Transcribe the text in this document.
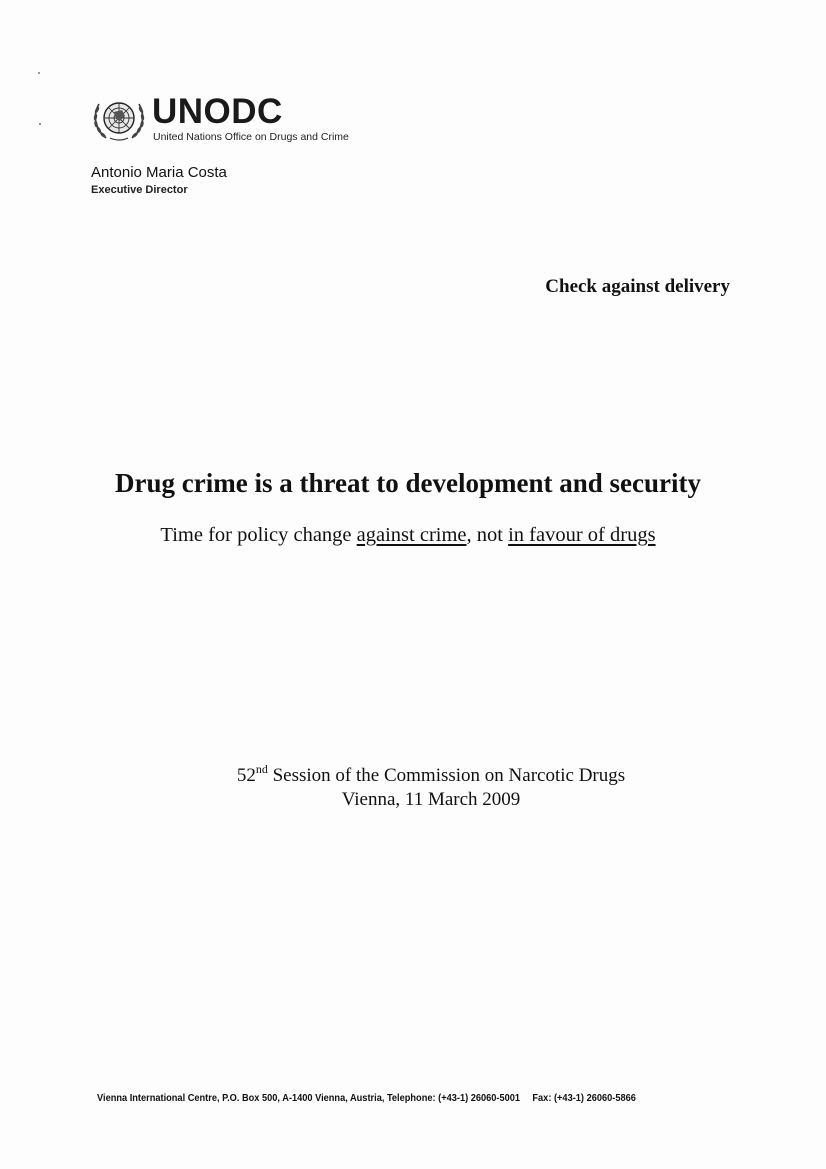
UNODC
United Nations Office on Drugs and Crime
Antonio Maria Costa
Executive Director
Check against delivery
Drug crime is a threat to development and security
Time for policy change against crime, not in favour of drugs
52nd Session of the Commission on Narcotic Drugs
Vienna, 11 March 2009
Vienna International Centre, P.O. Box 500, A-1400 Vienna, Austria, Telephone: (+43-1) 26060-5001 Fax: (+43-1) 26060-5866
